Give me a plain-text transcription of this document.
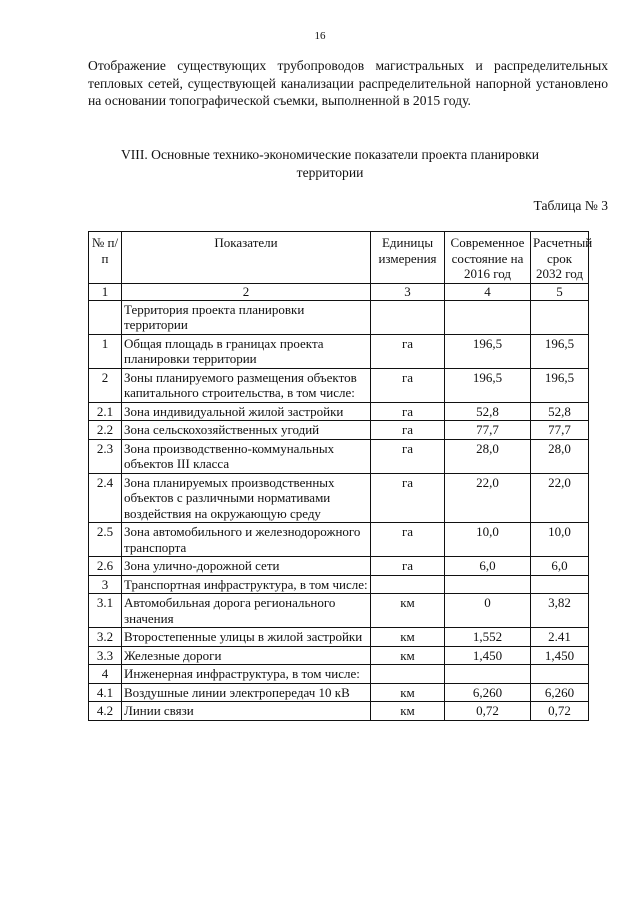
16

Отображение существующих трубопроводов магистральных и распределительных тепловых сетей, существующей канализации распределительной напорной установлено на основании топографической съемки, выполненной в 2015 году.

VIII. Основные технико-экономические показатели проекта планировки территории
Таблица № 3
№ п/п	Показатели	Единицы измерения	Современное состояние на 2016 год	Расчетный срок 2032 год
1	2	3	4	5
	Территория проекта планировки территории			
1	Общая площадь в границах проекта планировки территории	га	196,5	196,5
2	Зоны планируемого размещения объектов капитального строительства, в том числе:	га	196,5	196,5
2.1	Зона индивидуальной жилой застройки	га	52,8	52,8
2.2	Зона сельскохозяйственных угодий	га	77,7	77,7
2.3	Зона производственно-коммунальных объектов III класса	га	28,0	28,0
2.4	Зона планируемых производственных объектов с различными нормативами воздействия на окружающую среду	га	22,0	22,0
2.5	Зона автомобильного и железнодорожного транспорта	га	10,0	10,0
2.6	Зона улично-дорожной сети	га	6,0	6,0
3	Транспортная инфраструктура, в том числе:			
3.1	Автомобильная дорога регионального значения	км	0	3,82
3.2	Второстепенные улицы в жилой застройки	км	1,552	2.41
3.3	Железные дороги	км	1,450	1,450
4	Инженерная инфраструктура, в том числе:			
4.1	Воздушные линии электропередач 10 кВ	км	6,260	6,260
4.2	Линии связи	км	0,72	0,72
